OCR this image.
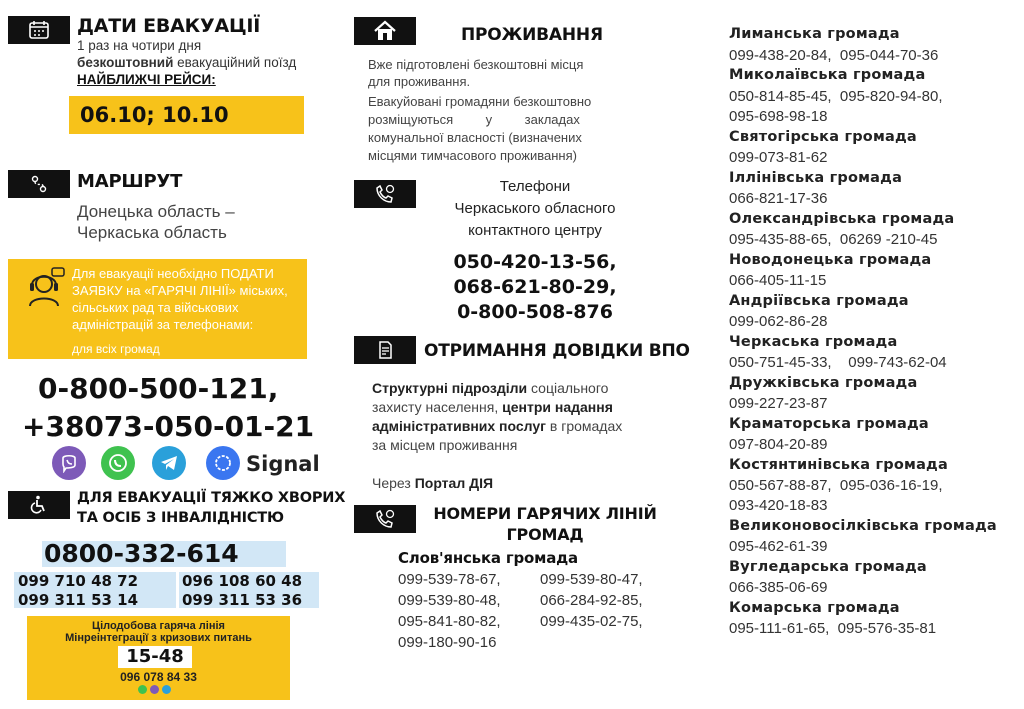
ДАТИ ЕВАКУАЦІЇ
1 раз на чотири дня
безкоштовний евакуаційний поїзд
НАЙБЛИЖЧІ РЕЙСИ:
06.10; 10.10
МАРШРУТ
Донецька область –
Черкаська область
Для евакуації необхідно ПОДАТИ
ЗАЯВКУ на «ГАРЯЧІ ЛІНІЇ» міських,
сільських рад та військових
адміністрацій за телефонами:
для всіх громад
0-800-500-121,
+38073-050-01-21
Signal
ДЛЯ ЕВАКУАЦІЇ ТЯЖКО ХВОРИХ
ТА ОСІБ З ІНВАЛІДНІСТЮ
0800-332-614
099 710 48 72	096 108 60 48
099 311 53 14	099 311 53 36
Цілодобова гаряча лінія
Мінреінтеграції з кризових питань
15-48
096 078 84 33
ПРОЖИВАННЯ
Вже підготовлені безкоштовні місця
для проживання.
Евакуйовані громадяни безкоштовно
розміщуються         у         закладах
комунальної власності (визначених
місцями тимчасового проживання)
Телефони
Черкаського обласного
контактного центру
050-420-13-56,
068-621-80-29,
0-800-508-876
ОТРИМАННЯ ДОВІДКИ ВПО
Структурні підрозділи соціального
захисту населення, центри надання
адміністративних послуг в громадах
за місцем проживання
Через Портал ДІЯ
НОМЕРИ ГАРЯЧИХ ЛІНІЙ
ГРОМАД
Слов'янська громада
099-539-78-67,	099-539-80-47,
099-539-80-48,	066-284-92-85,
095-841-80-82,	099-435-02-75,
099-180-90-16
Лиманська громада
099-438-20-84,  095-044-70-36
Миколаївська громада
050-814-85-45,  095-820-94-80,
095-698-98-18
Святогірська громада
099-073-81-62
Іллінівська громада
066-821-17-36
Олександрівська громада
095-435-88-65,  06269 -210-45
Новодонецька громада
066-405-11-15
Андріївська громада
099-062-86-28
Черкаська громада
050-751-45-33,    099-743-62-04
Дружківська громада
099-227-23-87
Краматорська громада
097-804-20-89
Костянтинівська громада
050-567-88-87,  095-036-16-19,
093-420-18-83
Великоновосілківська громада
095-462-61-39
Вугледарська громада
066-385-06-69
Комарська громада
095-111-61-65,  095-576-35-81
